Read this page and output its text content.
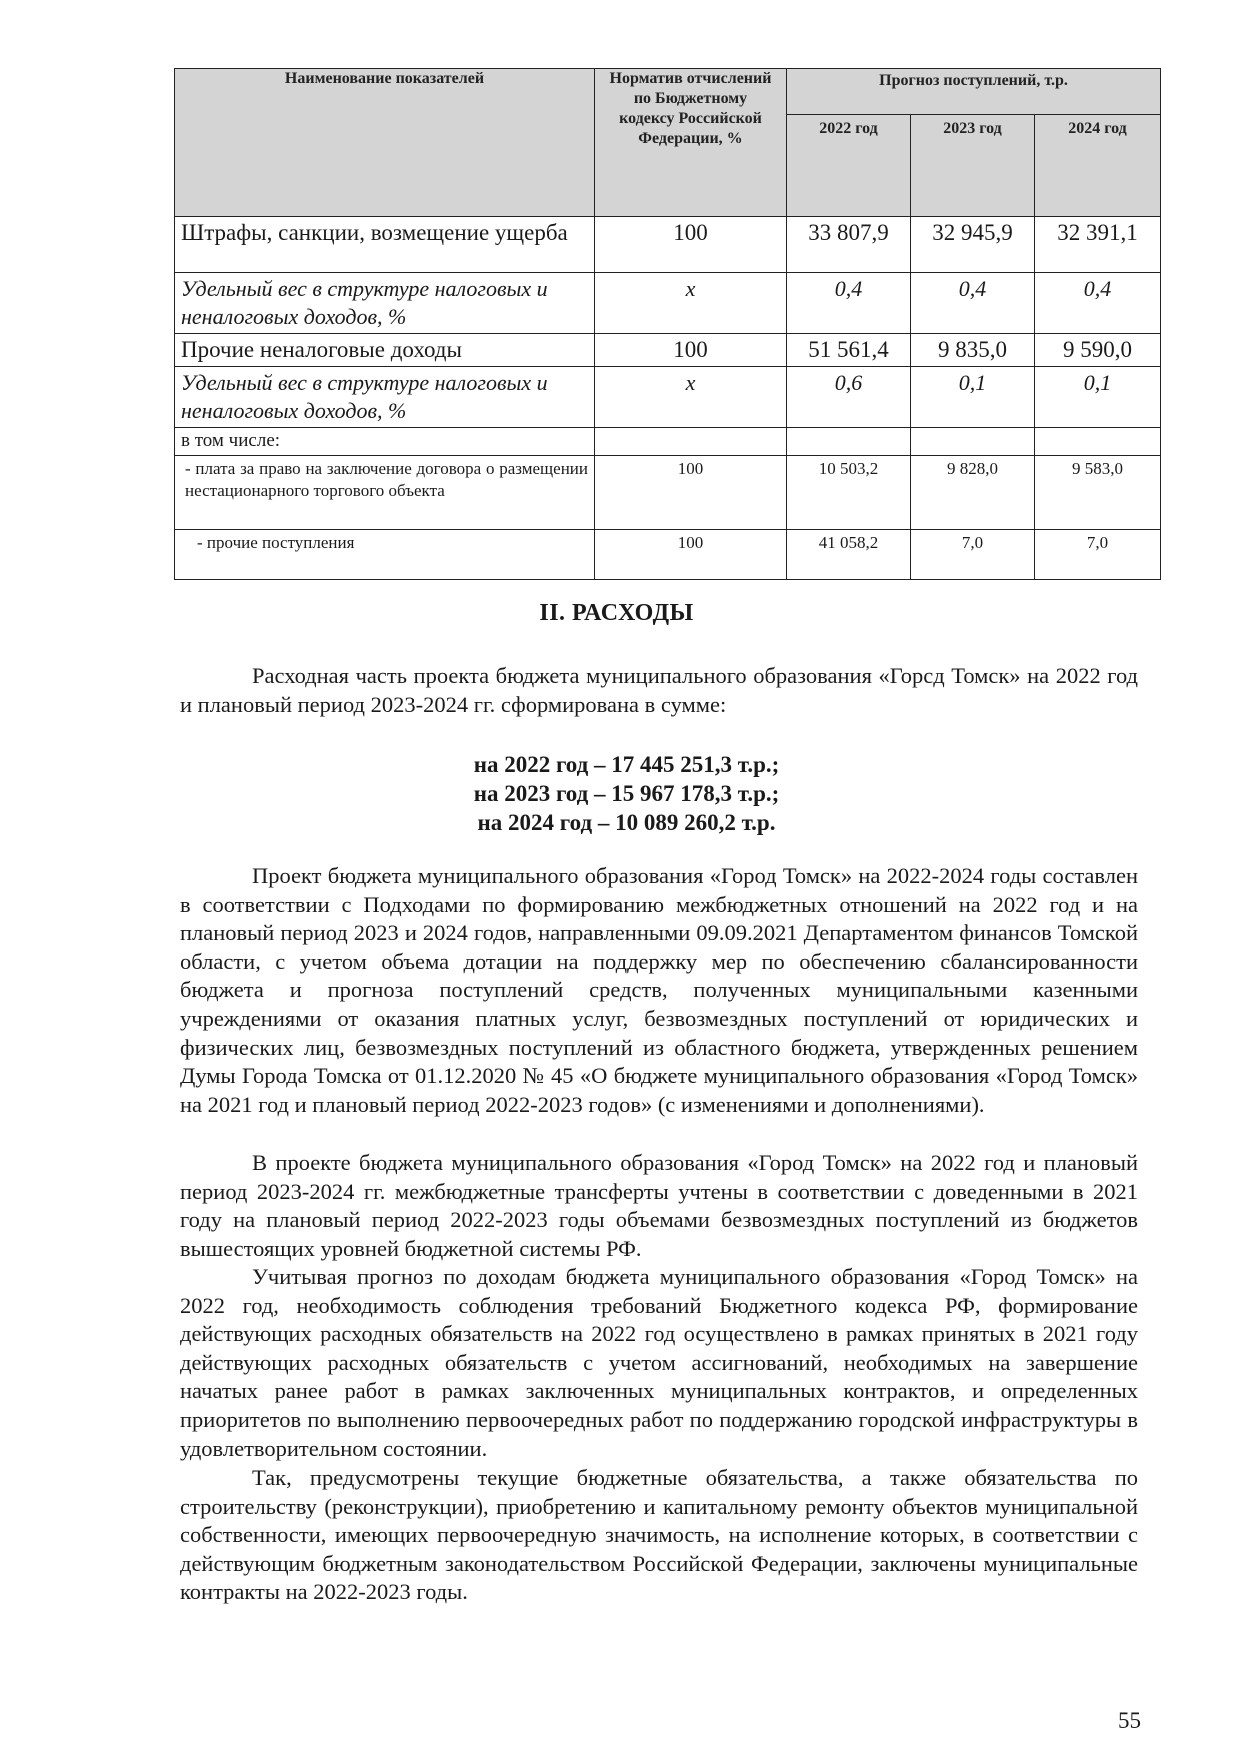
Наименование показателей	Норматив отчислений по Бюджетному кодексу Российской Федерации, %	Прогноз поступлений, т.р.		
		2022 год	2023 год	2024 год
Штрафы, санкции, возмещение ущерба	100	33 807,9	32 945,9	32 391,1
Удельный вес в структуре налоговых и неналоговых доходов, %	х	0,4	0,4	0,4
Прочие неналоговые доходы	100	51 561,4	9 835,0	9 590,0
Удельный вес в структуре налоговых и неналоговых доходов, %	х	0,6	0,1	0,1
в том числе:				
- плата за право на заключение договора о размещении нестационарного торгового объекта	100	10 503,2	9 828,0	9 583,0
- прочие поступления	100	41 058,2	7,0	7,0
II. РАСХОДЫ

Расходная часть проекта бюджета муниципального образования «Горсд Томск» на 2022 год и плановый период 2023-2024 гг. сформирована в сумме:

на 2022 год – 17 445 251,3 т.р.;
на 2023 год – 15 967 178,3 т.р.;
на 2024 год – 10 089 260,2 т.р.

Проект бюджета муниципального образования «Город Томск» на 2022-2024 годы составлен в соответствии с Подходами по формированию межбюджетных отношений на 2022 год и на плановый период 2023 и 2024 годов, направленными 09.09.2021 Департаментом финансов Томской области, с учетом объема дотации на поддержку мер по обеспечению сбалансированности бюджета и прогноза поступлений средств, полученных муниципальными казенными учреждениями от оказания платных услуг, безвозмездных поступлений от юридических и физических лиц, безвозмездных поступлений из областного бюджета, утвержденных решением Думы Города Томска от 01.12.2020 № 45 «О бюджете муниципального образования «Город Томск» на 2021 год и плановый период 2022-2023 годов» (с изменениями и дополнениями).

В проекте бюджета муниципального образования «Город Томск» на 2022 год и плановый период 2023-2024 гг. межбюджетные трансферты учтены в соответствии с доведенными в 2021 году на плановый период 2022-2023 годы объемами безвозмездных поступлений из бюджетов вышестоящих уровней бюджетной системы РФ.

Учитывая прогноз по доходам бюджета муниципального образования «Город Томск» на 2022 год, необходимость соблюдения требований Бюджетного кодекса РФ, формирование действующих расходных обязательств на 2022 год осуществлено в рамках принятых в 2021 году действующих расходных обязательств с учетом ассигнований, необходимых на завершение начатых ранее работ в рамках заключенных муниципальных контрактов, и определенных приоритетов по выполнению первоочередных работ по поддержанию городской инфраструктуры в удовлетворительном состоянии.

Так, предусмотрены текущие бюджетные обязательства, а также обязательства по строительству (реконструкции), приобретению и капитальному ремонту объектов муниципальной собственности, имеющих первоочередную значимость, на исполнение которых, в соответствии с действующим бюджетным законодательством Российской Федерации, заключены муниципальные контракты на 2022-2023 годы.

55
